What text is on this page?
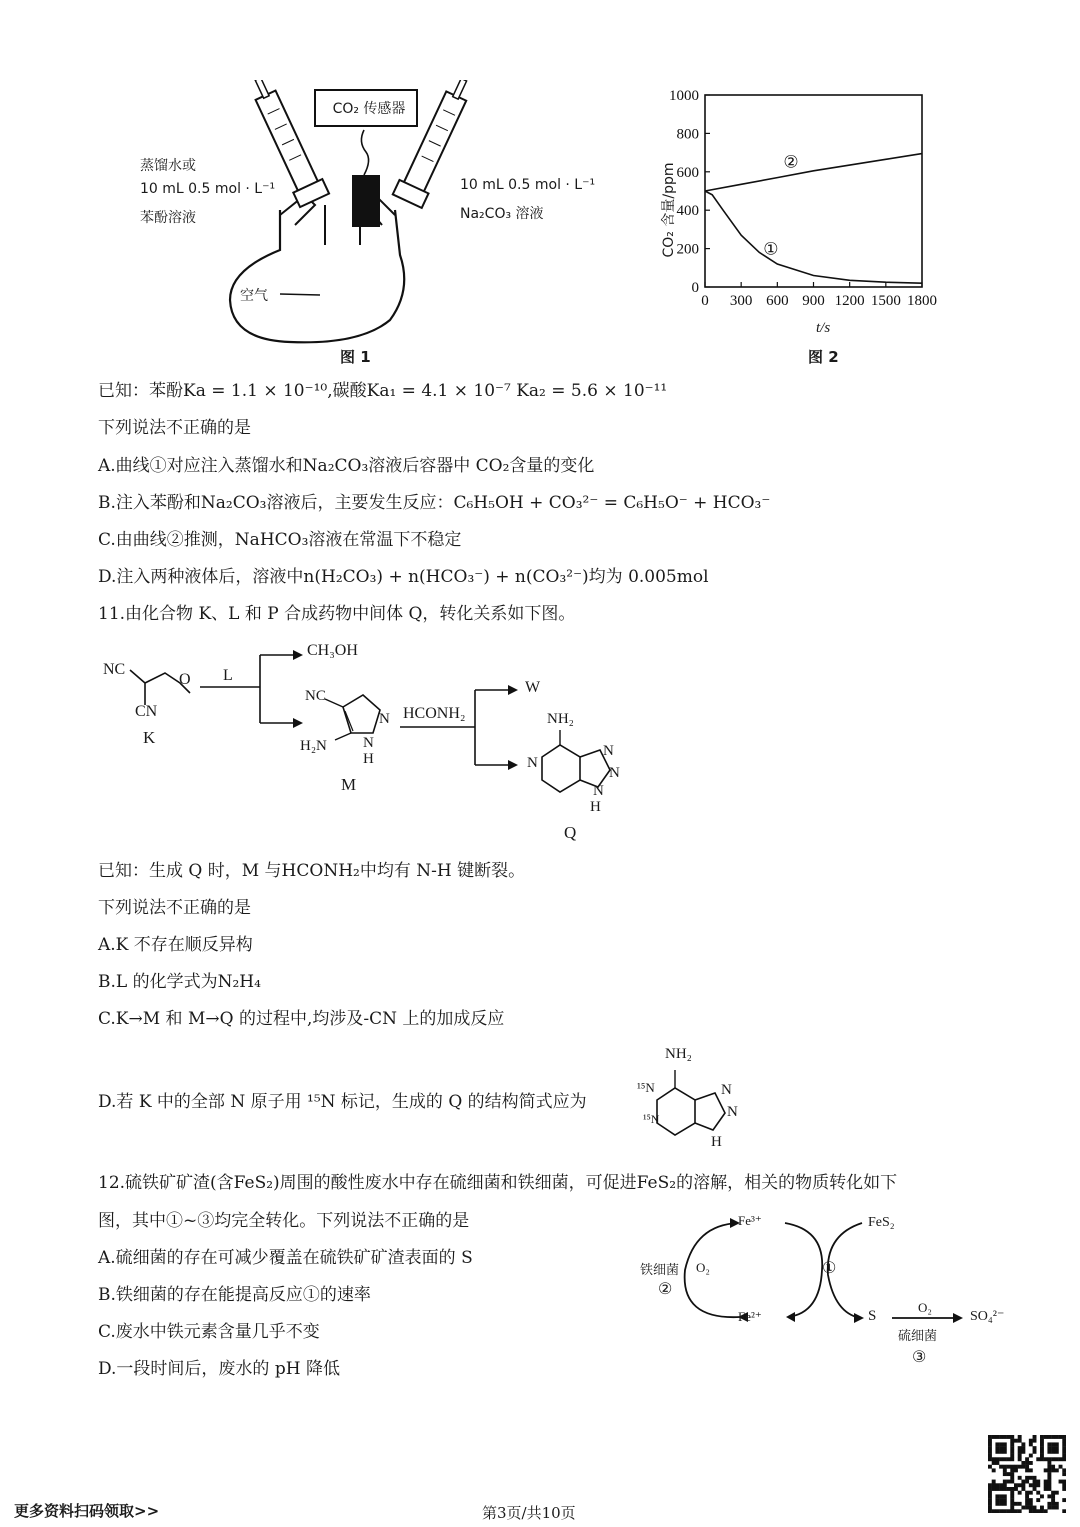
CO₂ 传感器
蒸馏水或
10 mL 0.5 mol · L⁻¹
苯酚溶液
10 mL 0.5 mol · L⁻¹
Na₂CO₃ 溶液
空气
图 1
0
200
400
600
800
1000
0 300 600 900 1200 1500 1800
①
②
CO₂ 含量/ppm
t/s
图 2
已知：苯酚Ka = 1.1 × 10⁻¹⁰,碳酸Ka₁ = 4.1 × 10⁻⁷ Ka₂ = 5.6 × 10⁻¹¹
下列说法不正确的是
A.曲线①对应注入蒸馏水和Na₂CO₃溶液后容器中 CO₂含量的变化
B.注入苯酚和Na₂CO₃溶液后，主要发生反应：C₆H₅OH + CO₃²⁻ = C₆H₅O⁻ + HCO₃⁻
C.由曲线②推测，NaHCO₃溶液在常温下不稳定
D.注入两种液体后，溶液中n(H₂CO₃) + n(HCO₃⁻) + n(CO₃²⁻)均为 0.005mol
11.由化合物 K、L 和 P 合成药物中间体 Q，转化关系如下图。
NC
CN
O
K
L
CH₃OH
NC
H₂N
N
N
H
M
HCONH₂
W
NH₂
N
N
N
N
H
Q
已知：生成 Q 时，M 与HCONH₂中均有 N-H 键断裂。
下列说法不正确的是
A.K 不存在顺反异构
B.L 的化学式为N₂H₄
C.K→M 和 M→Q 的过程中,均涉及-CN 上的加成反应
D.若 K 中的全部 N 原子用 ¹⁵N 标记，生成的 Q 的结构简式应为
NH₂
¹⁵N
¹⁵N
N
N
H
12.硫铁矿矿渣(含FeS₂)周围的酸性废水中存在硫细菌和铁细菌，可促进FeS₂的溶解，相关的物质转化如下
图，其中①~③均完全转化。下列说法不正确的是
A.硫细菌的存在可减少覆盖在硫铁矿矿渣表面的 S
B.铁细菌的存在能提高反应①的速率
C.废水中铁元素含量几乎不变
D.一段时间后，废水的 pH 降低
Fe³⁺
Fe²⁺
FeS₂
S	SO₄²⁻
O₂
O₂
铁细菌
硫细菌
①
②
③
更多资料扫码领取>>	第3页/共10页
